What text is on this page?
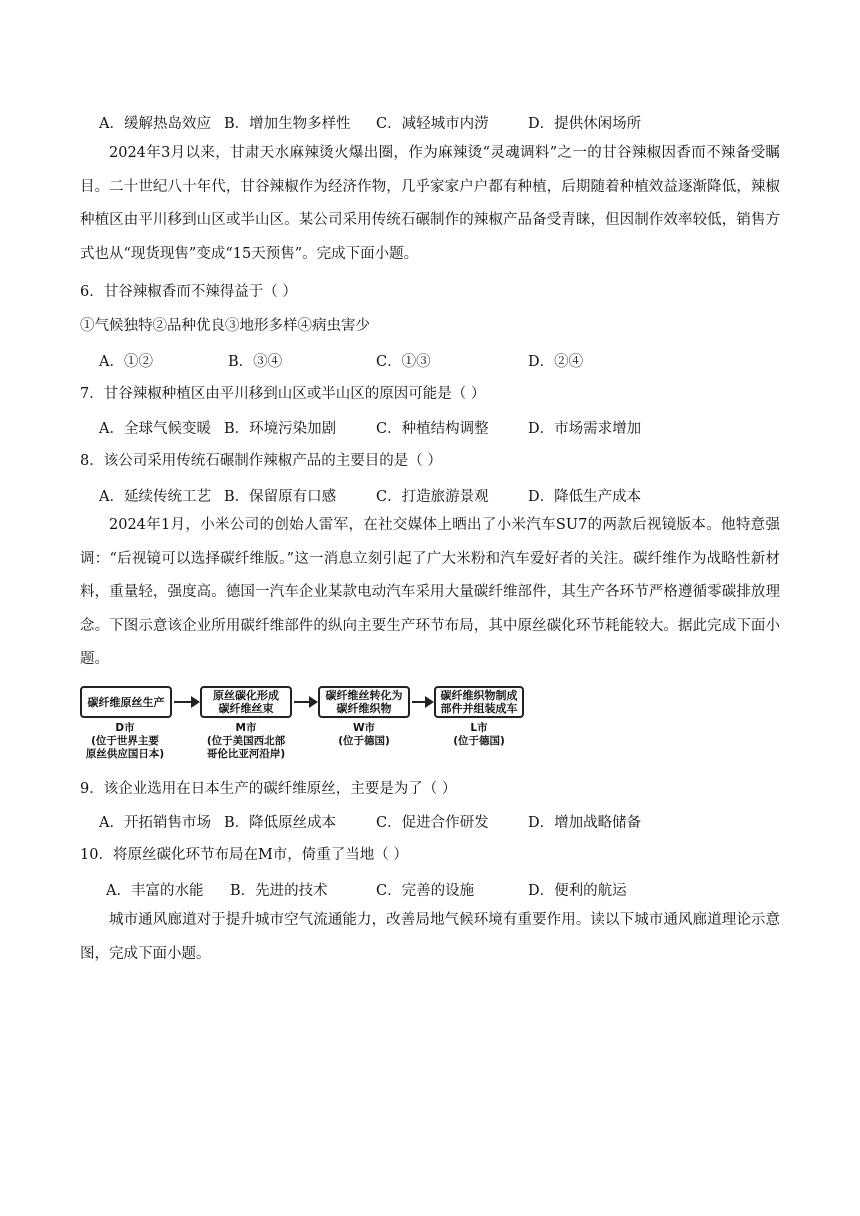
A．缓解热岛效应 B．增加生物多样性 C．减轻城市内涝	D．提供休闲场所
2024年3月以来，甘肃天水麻辣烫火爆出圈，作为麻辣烫“灵魂调料”之一的甘谷辣椒因香而不辣备受瞩目。二十世纪八十年代，甘谷辣椒作为经济作物，几乎家家户户都有种植，后期随着种植效益逐渐降低，辣椒种植区由平川移到山区或半山区。某公司采用传统石碾制作的辣椒产品备受青睐，但因制作效率较低，销售方式也从“现货现售”变成“15天预售”。完成下面小题。
6．甘谷辣椒香而不辣得益于（ ）
①气候独特②品种优良③地形多样④病虫害少
A．①②	B．③④	C．①③	D．②④
7．甘谷辣椒种植区由平川移到山区或半山区的原因可能是（ ）
A．全球气候变暖 B．环境污染加剧	C．种植结构调整	D．市场需求增加
8．该公司采用传统石碾制作辣椒产品的主要目的是（ ）
A．延续传统工艺 B．保留原有口感	C．打造旅游景观	D．降低生产成本
2024年1月，小米公司的创始人雷军，在社交媒体上晒出了小米汽车SU7的两款后视镜版本。他特意强调：“后视镜可以选择碳纤维版。”这一消息立刻引起了广大米粉和汽车爱好者的关注。碳纤维作为战略性新材料，重量轻，强度高。德国一汽车企业某款电动汽车采用大量碳纤维部件，其生产各环节严格遵循零碳排放理念。下图示意该企业所用碳纤维部件的纵向主要生产环节布局，其中原丝碳化环节耗能较大。据此完成下面小题。
碳纤维原丝生产	原丝碳化形成
碳纤维丝束
碳纤维丝转化为
碳纤维织物
碳纤维织物制成
部件并组装成车
D市
(位于世界主要
原丝供应国日本)
M市
(位于美国西北部
哥伦比亚河沿岸)
W市
(位于德国)
L市
(位于德国)
9．该企业选用在日本生产的碳纤维原丝，主要是为了（ ）
A．开拓销售市场 B．降低原丝成本	C．促进合作研发	D．增加战略储备
10．将原丝碳化环节布局在M市，倚重了当地（ ）
A．丰富的水能 B．先进的技术	C．完善的设施	D．便利的航运
城市通风廊道对于提升城市空气流通能力，改善局地气候环境有重要作用。读以下城市通风廊道理论示意图，完成下面小题。
